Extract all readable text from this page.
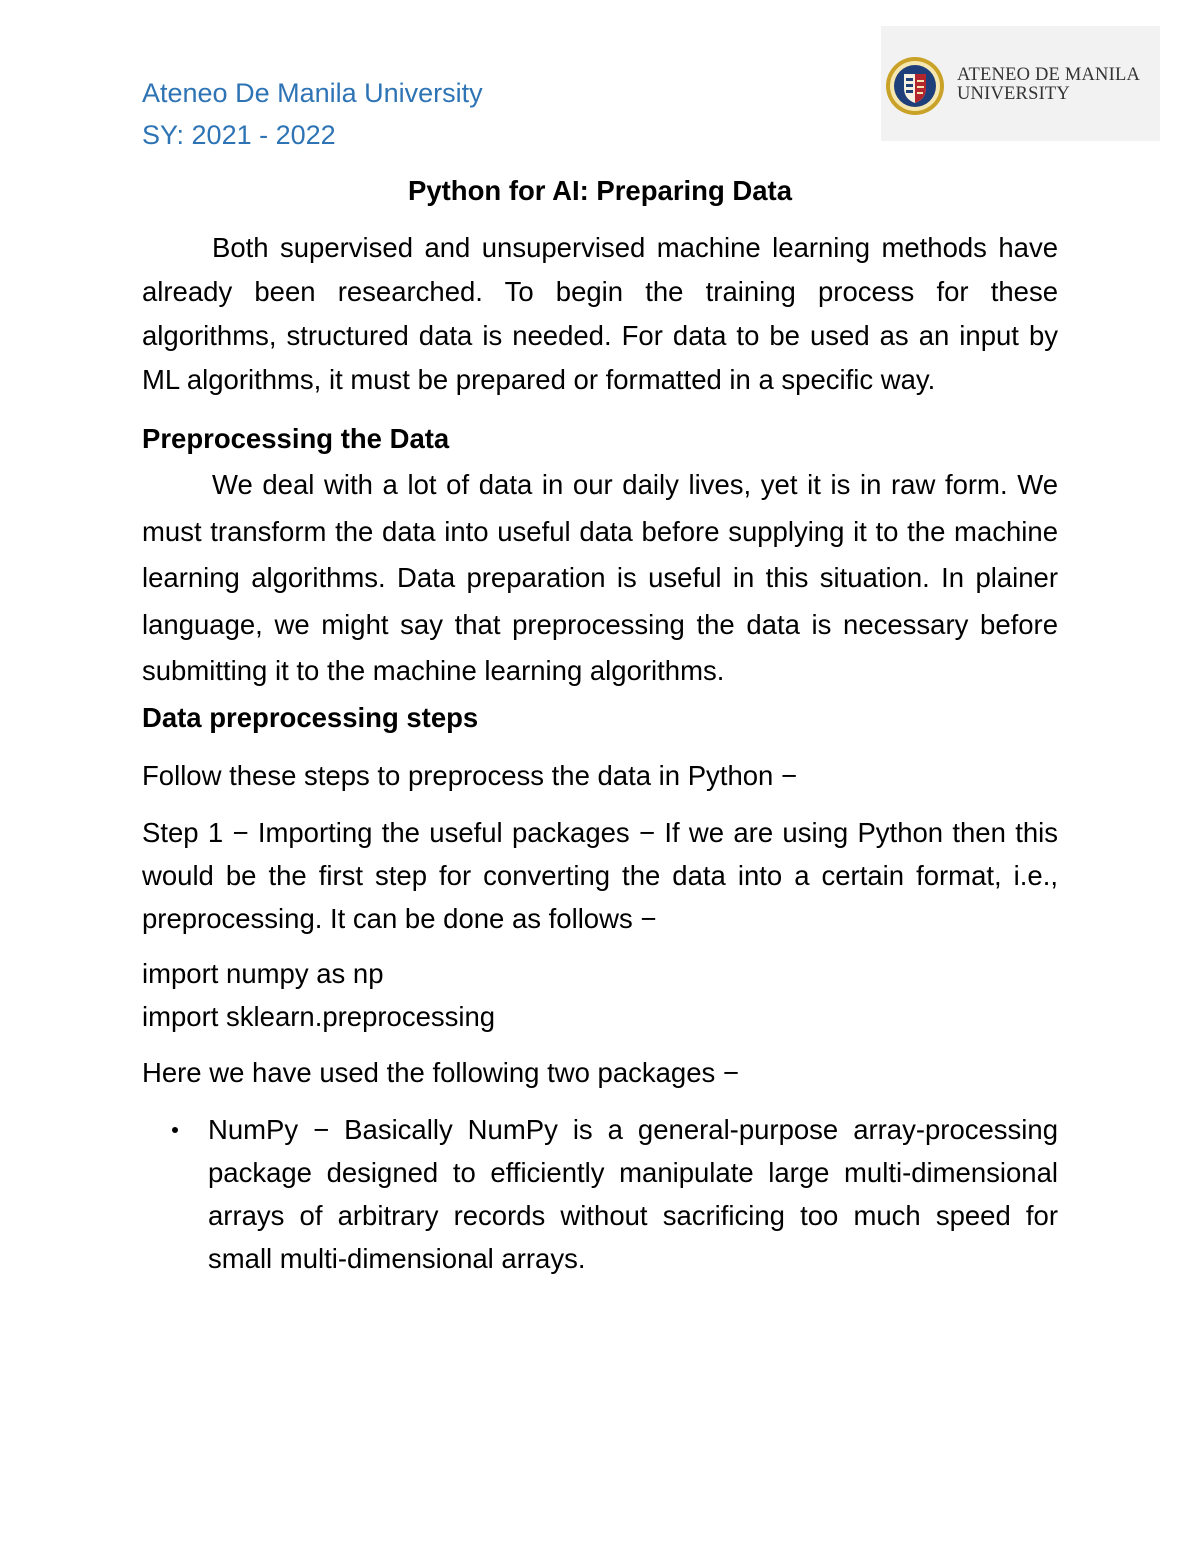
Ateneo De Manila University
SY: 2021 - 2022
ATENEO DE MANILA
UNIVERSITY

Python for AI: Preparing Data

Both supervised and unsupervised machine learning methods have already been researched. To begin the training process for these algorithms, structured data is needed. For data to be used as an input by ML algorithms, it must be prepared or formatted in a specific way.

Preprocessing the Data

We deal with a lot of data in our daily lives, yet it is in raw form. We must transform the data into useful data before supplying it to the machine learning algorithms. Data preparation is useful in this situation. In plainer language, we might say that preprocessing the data is necessary before submitting it to the machine learning algorithms.

Data preprocessing steps

Follow these steps to preprocess the data in Python −

Step 1 − Importing the useful packages − If we are using Python then this would be the first step for converting the data into a certain format, i.e., preprocessing. It can be done as follows −

import numpy as np
import sklearn.preprocessing

Here we have used the following two packages −

NumPy − Basically NumPy is a general-purpose array-processing package designed to efficiently manipulate large multi-dimensional arrays of arbitrary records without sacrificing too much speed for small multi-dimensional arrays.
